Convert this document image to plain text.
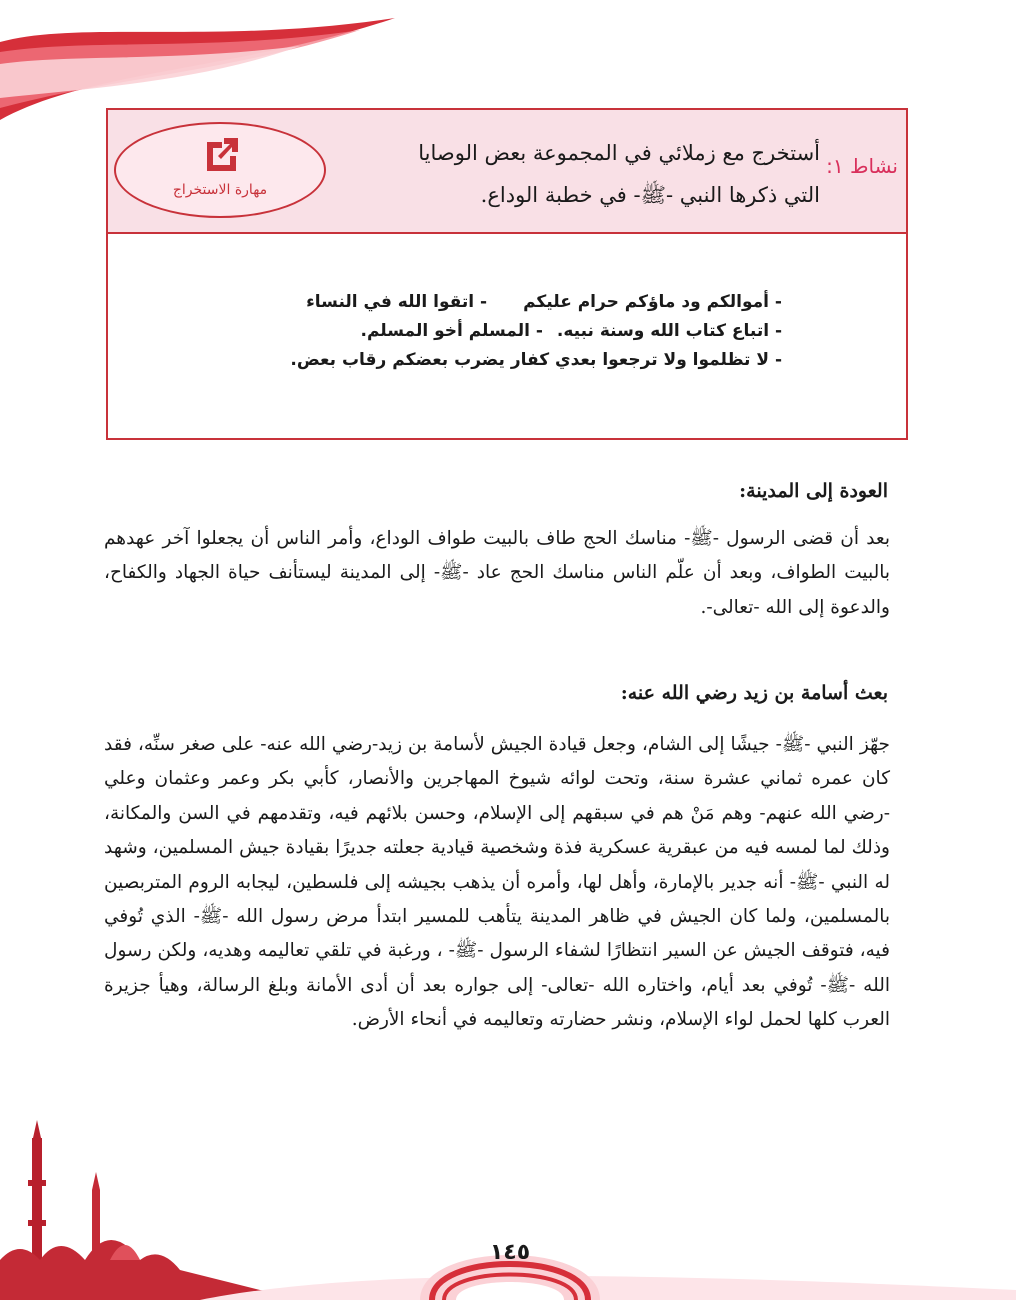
نشاط ١:
أستخرج مع زملائي في المجموعة بعض الوصايا
التي ذكرها النبي -ﷺ- في خطبة الوداع.
مهارة الاستخراج
- أموالكم ود ماؤكم حرام عليكم- اتقوا الله في النساء
- اتباع كتاب الله وسنة نبيه.- المسلم أخو المسلم.
- لا تظلموا ولا ترجعوا بعدي كفار يضرب بعضكم رقاب بعض.
العودة إلى المدينة:
بعد أن قضى الرسول -ﷺ- مناسك الحج طاف بالبيت طواف الوداع، وأمر الناس أن يجعلوا آخر عهدهم بالبيت الطواف، وبعد أن علّم الناس مناسك الحج عاد -ﷺ- إلى المدينة ليستأنف حياة الجهاد والكفاح، والدعوة إلى الله -تعالى-.
بعث أسامة بن زيد رضي الله عنه:
جهّز النبي -ﷺ- جيشًا إلى الشام، وجعل قيادة الجيش لأسامة بن زيد-رضي الله عنه- على صغر سنِّه، فقد كان عمره ثماني عشرة سنة، وتحت لوائه شيوخ المهاجرين والأنصار، كأبي بكر وعمر وعثمان وعلي -رضي الله عنهم- وهم مَنْ هم في سبقهم إلى الإسلام، وحسن بلائهم فيه، وتقدمهم في السن والمكانة، وذلك لما لمسه فيه من عبقرية عسكرية فذة وشخصية قيادية جعلته جديرًا بقيادة جيش المسلمين، وشهد له النبي -ﷺ- أنه جدير بالإمارة، وأهل لها، وأمره أن يذهب بجيشه إلى فلسطين، ليجابه الروم المتربصين بالمسلمين، ولما كان الجيش في ظاهر المدينة يتأهب للمسير ابتدأ مرض رسول الله -ﷺ- الذي تُوفي فيه، فتوقف الجيش عن السير انتظارًا لشفاء الرسول -ﷺ- ، ورغبة في تلقي تعاليمه وهديه، ولكن رسول الله -ﷺ- تُوفي بعد أيام، واختاره الله -تعالى- إلى جواره بعد أن أدى الأمانة وبلغ الرسالة، وهيأ جزيرة العرب كلها لحمل لواء الإسلام، ونشر حضارته وتعاليمه في أنحاء الأرض.
١٤٥
